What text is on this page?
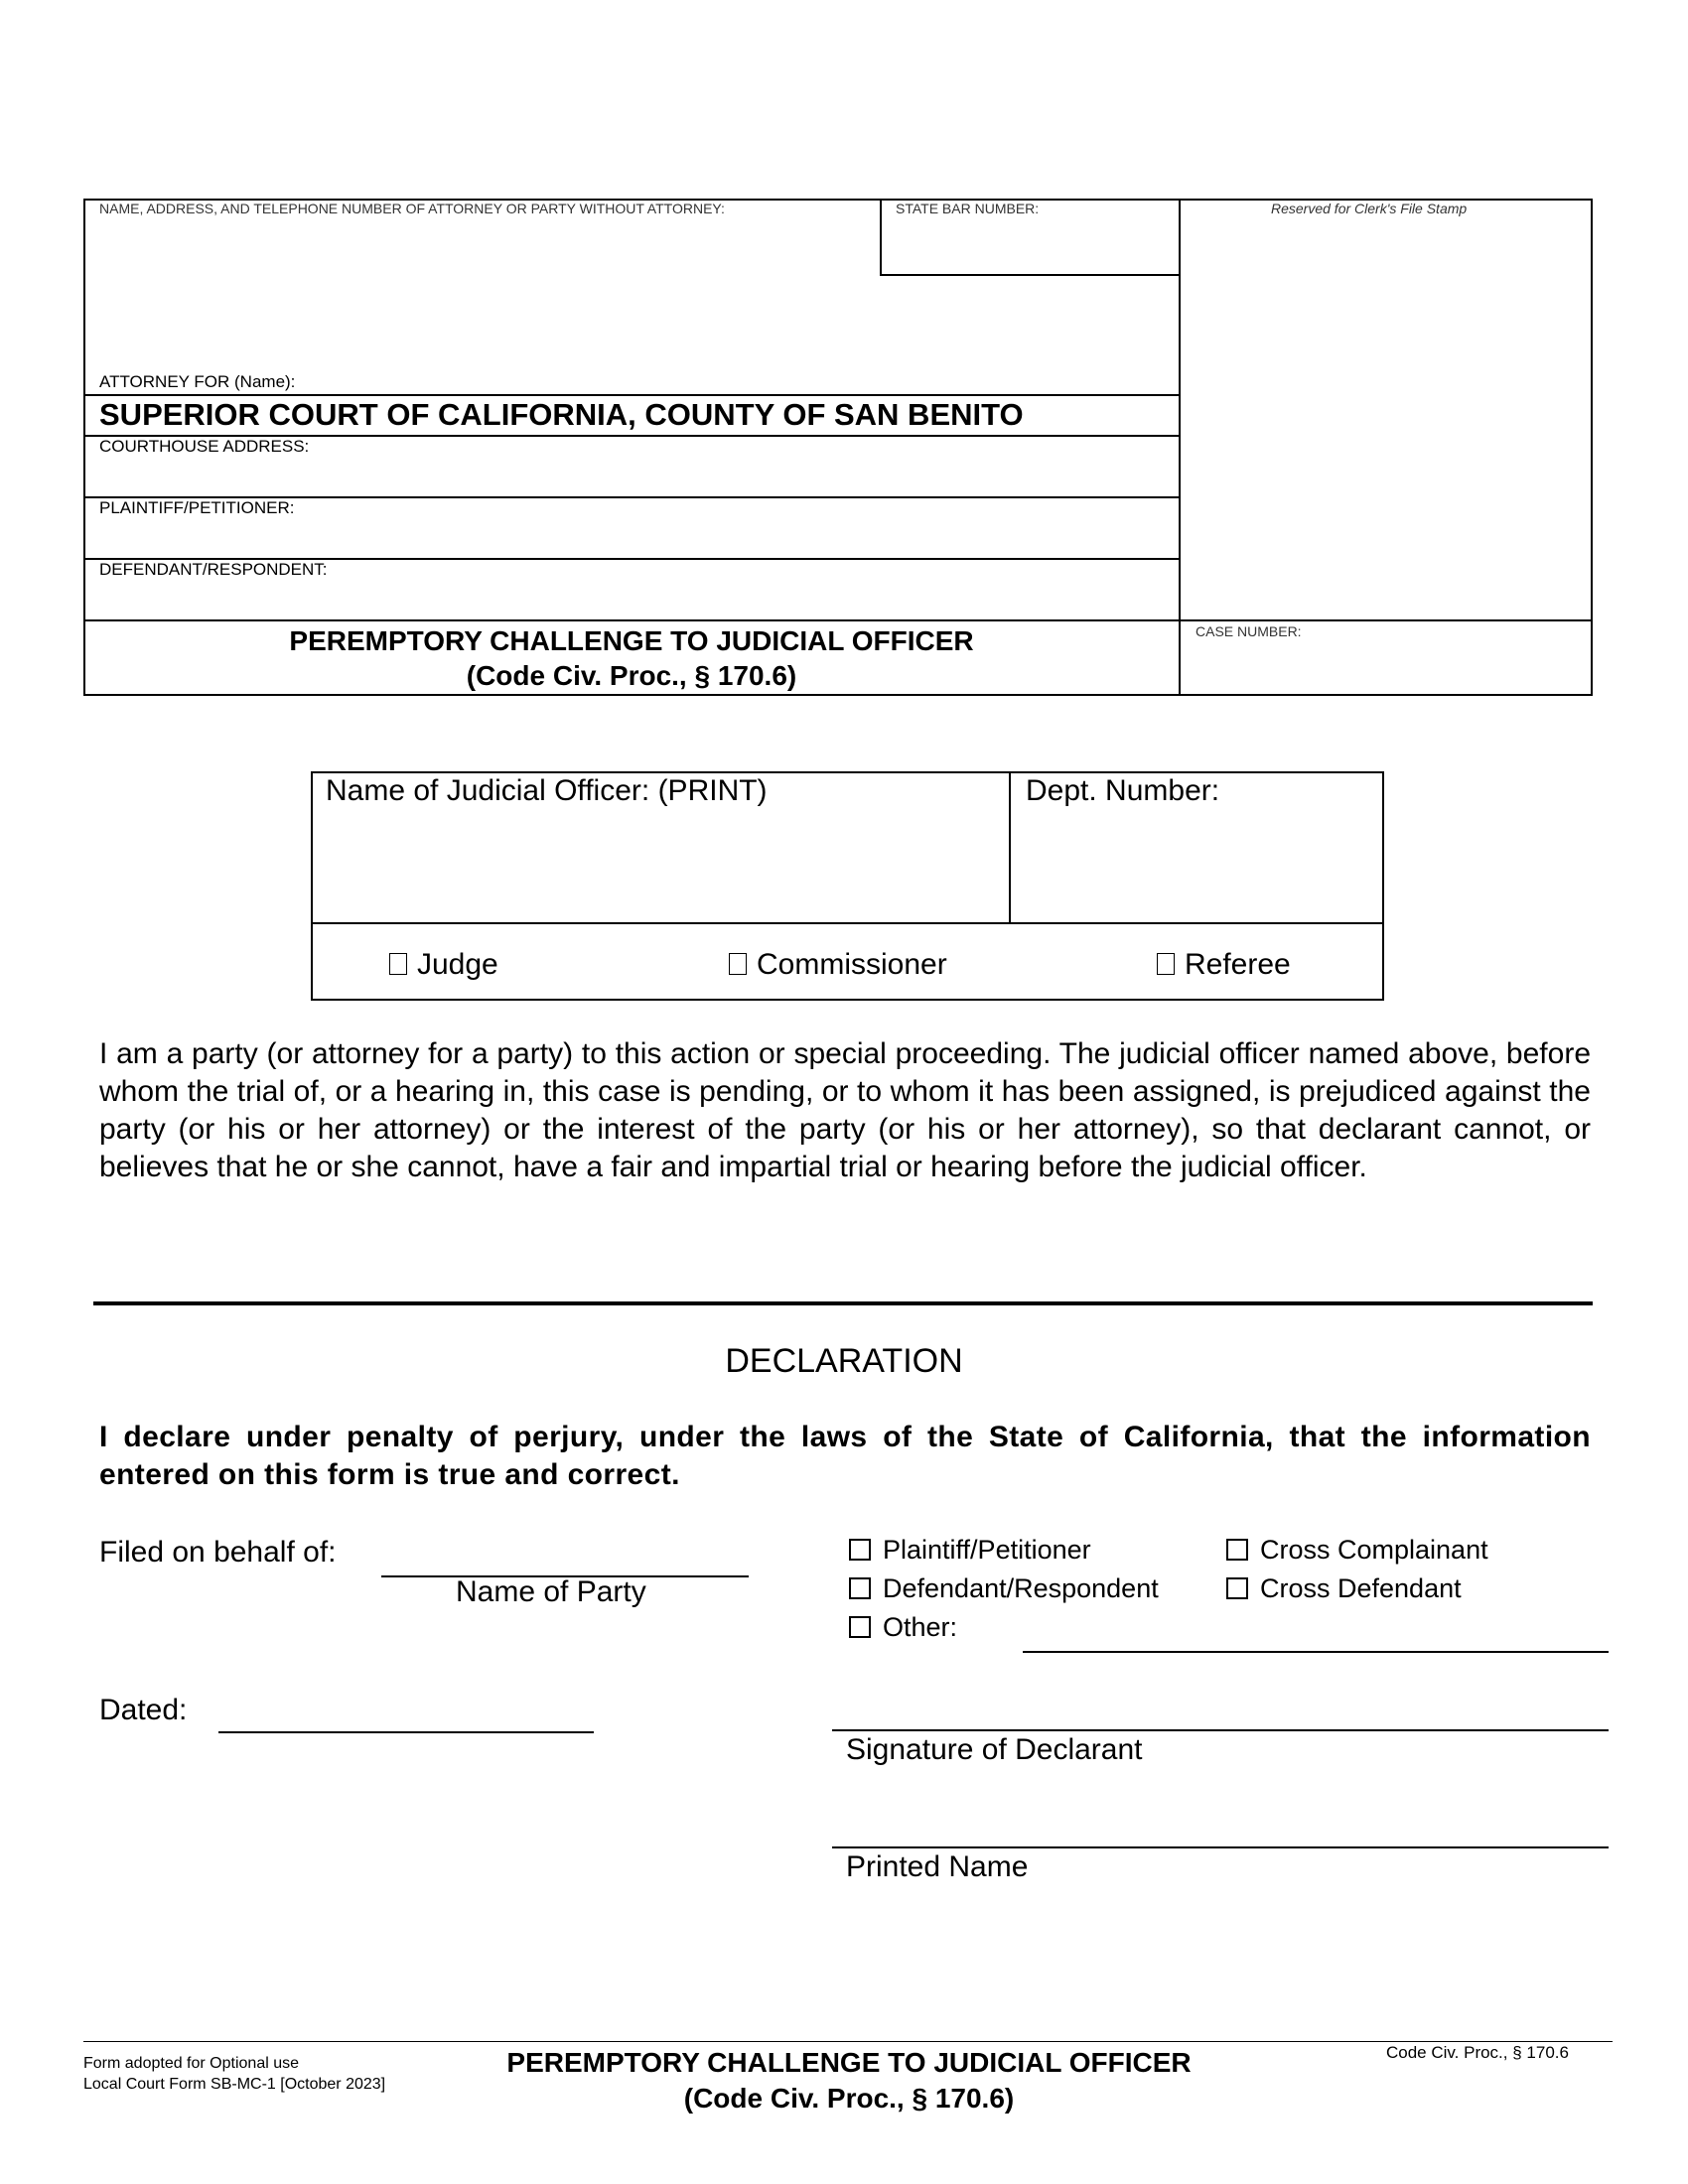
NAME, ADDRESS, AND TELEPHONE NUMBER OF ATTORNEY OR PARTY WITHOUT ATTORNEY:	STATE BAR NUMBER:	Reserved for Clerk's File Stamp
ATTORNEY FOR (Name):
SUPERIOR COURT OF CALIFORNIA, COUNTY OF SAN BENITO
COURTHOUSE ADDRESS:
PLAINTIFF/PETITIONER:
DEFENDANT/RESPONDENT:
PEREMPTORY CHALLENGE TO JUDICIAL OFFICER
(Code Civ. Proc., § 170.6)
CASE NUMBER:
Name of Judicial Officer: (PRINT)	Dept. Number:
Judge	Commissioner	Referee
I am a party (or attorney for a party) to this action or special proceeding. The judicial officer named above, before whom the trial of, or a hearing in, this case is pending, or to whom it has been assigned, is prejudiced against the party (or his or her attorney) or the interest of the party (or his or her attorney), so that declarant cannot, or believes that he or she cannot, have a fair and impartial trial or hearing before the judicial officer.
DECLARATION
I declare under penalty of perjury, under the laws of the State of California, that the information entered on this form is true and correct.
Filed on behalf of:
Name of Party
Plaintiff/Petitioner
Defendant/Respondent
Other:
Cross Complainant
Cross Defendant
Dated:
Signature of Declarant
Printed Name
Form adopted for Optional use
Local Court Form SB-MC-1 [October 2023]
PEREMPTORY CHALLENGE TO JUDICIAL OFFICER
(Code Civ. Proc., § 170.6)
Code Civ. Proc., § 170.6
